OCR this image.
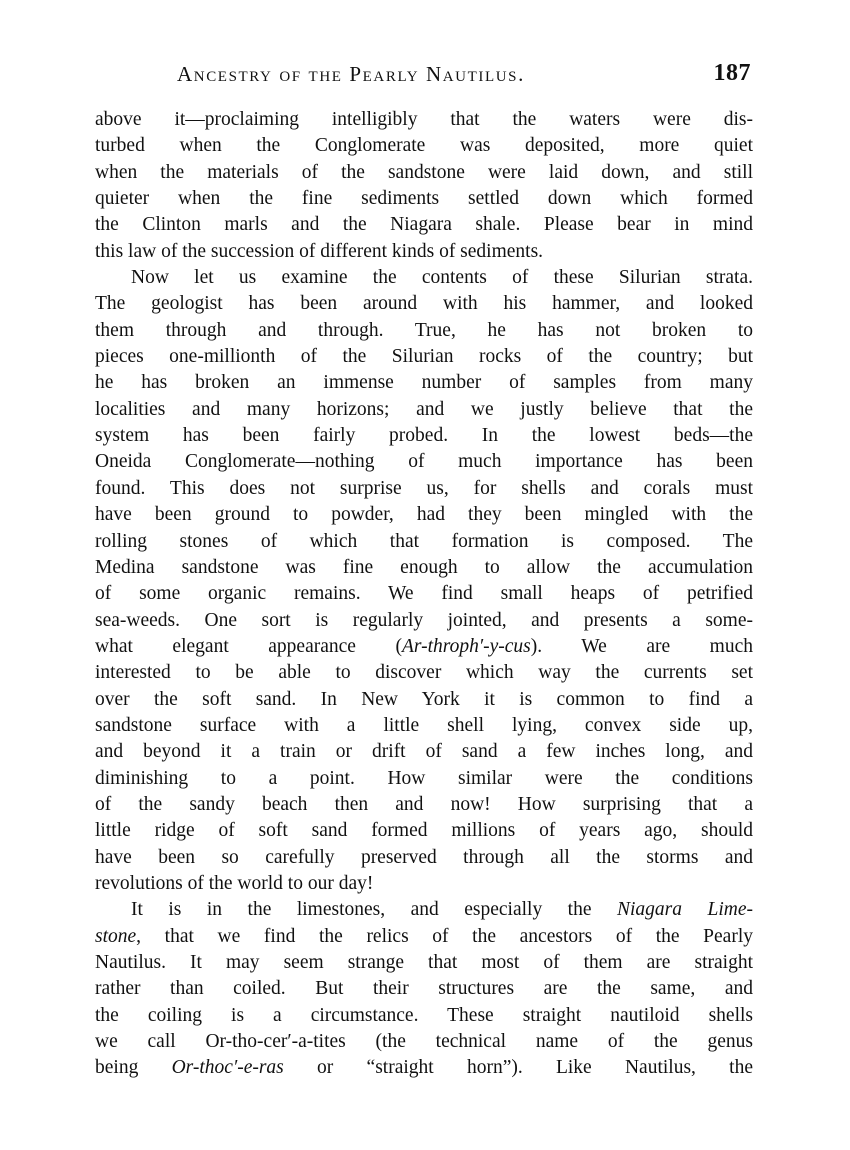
Ancestry of the Pearly Nautilus.	187
above it—proclaiming intelligibly that the waters were dis-
turbed when the Conglomerate was deposited, more quiet
when the materials of the sandstone were laid down, and still
quieter when the fine sediments settled down which formed
the Clinton marls and the Niagara shale. Please bear in mind
this law of the succession of different kinds of sediments.
Now let us examine the contents of these Silurian strata.
The geologist has been around with his hammer, and looked
them through and through. True, he has not broken to
pieces one-millionth of the Silurian rocks of the country; but
he has broken an immense number of samples from many
localities and many horizons; and we justly believe that the
system has been fairly probed. In the lowest beds—the
Oneida Conglomerate—nothing of much importance has been
found. This does not surprise us, for shells and corals must
have been ground to powder, had they been mingled with the
rolling stones of which that formation is composed. The
Medina sandstone was fine enough to allow the accumulation
of some organic remains. We find small heaps of petrified
sea-weeds. One sort is regularly jointed, and presents a some-
what elegant appearance (Ar-throph′-y-cus). We are much
interested to be able to discover which way the currents set
over the soft sand. In New York it is common to find a
sandstone surface with a little shell lying, convex side up,
and beyond it a train or drift of sand a few inches long, and
diminishing to a point. How similar were the conditions
of the sandy beach then and now! How surprising that a
little ridge of soft sand formed millions of years ago, should
have been so carefully preserved through all the storms and
revolutions of the world to our day!
It is in the limestones, and especially the Niagara Lime-
stone, that we find the relics of the ancestors of the Pearly
Nautilus. It may seem strange that most of them are straight
rather than coiled. But their structures are the same, and
the coiling is a circumstance. These straight nautiloid shells
we call Or-tho-cer′-a-tites (the technical name of the genus
being Or-thoc′-e-ras or “straight horn”). Like Nautilus, the
